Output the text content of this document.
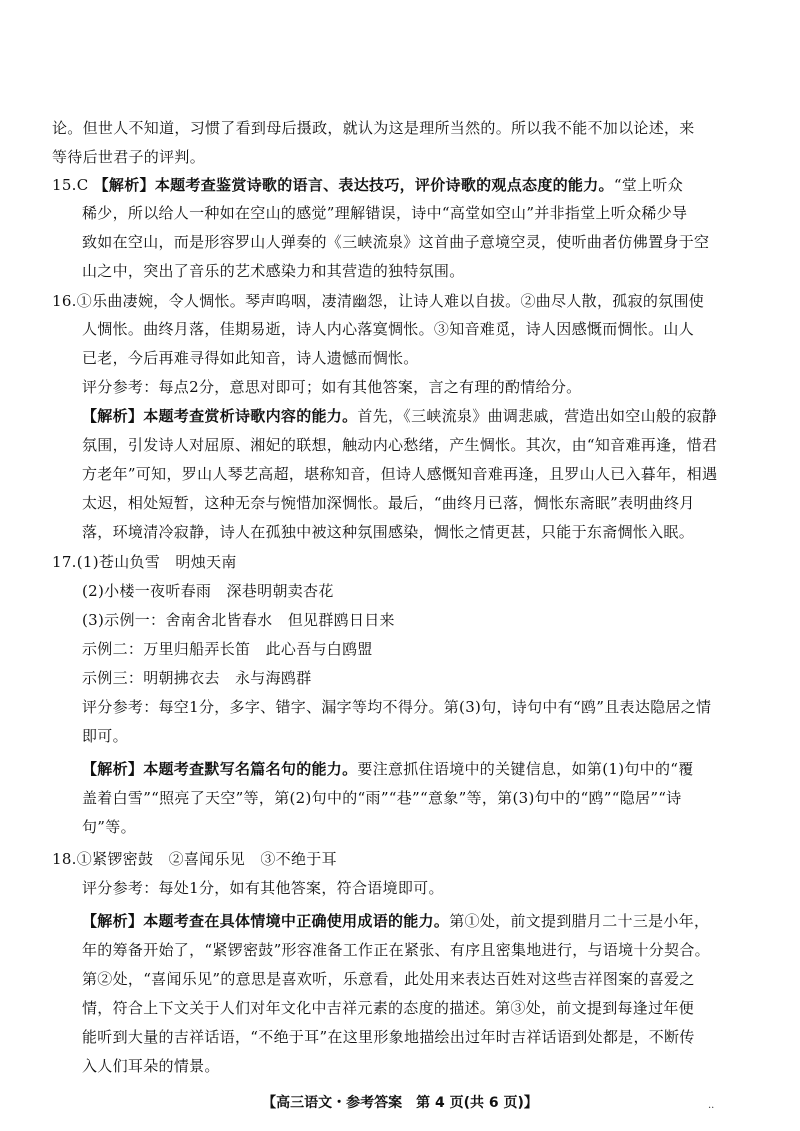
论。但世人不知道，习惯了看到母后摄政，就认为这是理所当然的。所以我不能不加以论述，来
等待后世君子的评判。
15.C 【解析】本题考查鉴赏诗歌的语言、表达技巧，评价诗歌的观点态度的能力。“堂上听众
稀少，所以给人一种如在空山的感觉”理解错误，诗中“高堂如空山”并非指堂上听众稀少导
致如在空山，而是形容罗山人弹奏的《三峡流泉》这首曲子意境空灵，使听曲者仿佛置身于空
山之中，突出了音乐的艺术感染力和其营造的独特氛围。
16.①乐曲凄婉，令人惆怅。琴声呜咽，凄清幽怨，让诗人难以自拔。②曲尽人散，孤寂的氛围使
人惆怅。曲终月落，佳期易逝，诗人内心落寞惆怅。③知音难觅，诗人因感慨而惆怅。山人
已老，今后再难寻得如此知音，诗人遗憾而惆怅。
评分参考：每点2分，意思对即可；如有其他答案，言之有理的酌情给分。
【解析】本题考查赏析诗歌内容的能力。首先，《三峡流泉》曲调悲戚，营造出如空山般的寂静
氛围，引发诗人对屈原、湘妃的联想，触动内心愁绪，产生惆怅。其次，由“知音难再逢，惜君
方老年”可知，罗山人琴艺高超，堪称知音，但诗人感慨知音难再逢，且罗山人已入暮年，相遇
太迟，相处短暂，这种无奈与惋惜加深惆怅。最后，“曲终月已落，惆怅东斋眠”表明曲终月
落，环境清冷寂静，诗人在孤独中被这种氛围感染，惆怅之情更甚，只能于东斋惆怅入眠。
17.(1)苍山负雪　明烛天南
(2)小楼一夜听春雨　深巷明朝卖杏花
(3)示例一：舍南舍北皆春水　但见群鸥日日来
示例二：万里归船弄长笛　此心吾与白鸥盟
示例三：明朝拂衣去　永与海鸥群
评分参考：每空1分，多字、错字、漏字等均不得分。第(3)句，诗句中有“鸥”且表达隐居之情
即可。
【解析】本题考查默写名篇名句的能力。要注意抓住语境中的关键信息，如第(1)句中的“覆
盖着白雪”“照亮了天空”等，第(2)句中的“雨”“巷”“意象”等，第(3)句中的“鸥”“隐居”“诗
句”等。
18.①紧锣密鼓　②喜闻乐见　③不绝于耳
评分参考：每处1分，如有其他答案，符合语境即可。
【解析】本题考查在具体情境中正确使用成语的能力。第①处，前文提到腊月二十三是小年，
年的筹备开始了，“紧锣密鼓”形容准备工作正在紧张、有序且密集地进行，与语境十分契合。
第②处，“喜闻乐见”的意思是喜欢听，乐意看，此处用来表达百姓对这些吉祥图案的喜爱之
情，符合上下文关于人们对年文化中吉祥元素的态度的描述。第③处，前文提到每逢过年便
能听到大量的吉祥话语，“不绝于耳”在这里形象地描绘出过年时吉祥话语到处都是，不断传
入人们耳朵的情景。
【高三语文・参考答案　第 4 页(共 6 页)】	..
